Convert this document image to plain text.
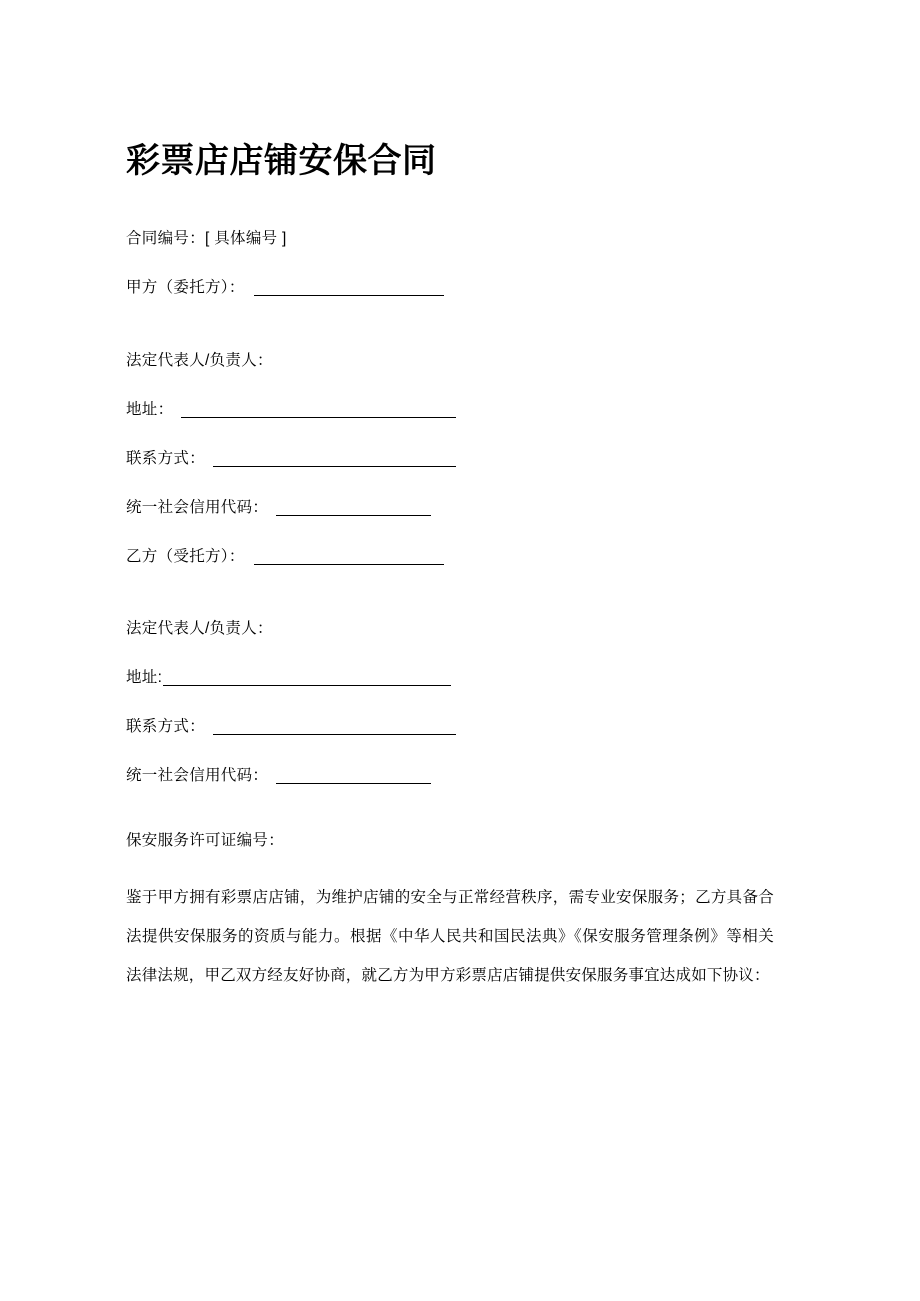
彩票店店铺安保合同
合同编号：[ 具体编号 ]
甲方（委托方）：
法定代表人/负责人：
地址：
联系方式：
统一社会信用代码：
乙方（受托方）：
法定代表人/负责人：
地址:
联系方式：
统一社会信用代码：
保安服务许可证编号：
鉴于甲方拥有彩票店店铺，为维护店铺的安全与正常经营秩序，需专业安保服务；乙方具备合法提供安保服务的资质与能力。根据《中华人民共和国民法典》《保安服务管理条例》等相关法律法规，甲乙双方经友好协商，就乙方为甲方彩票店店铺提供安保服务事宜达成如下协议：
